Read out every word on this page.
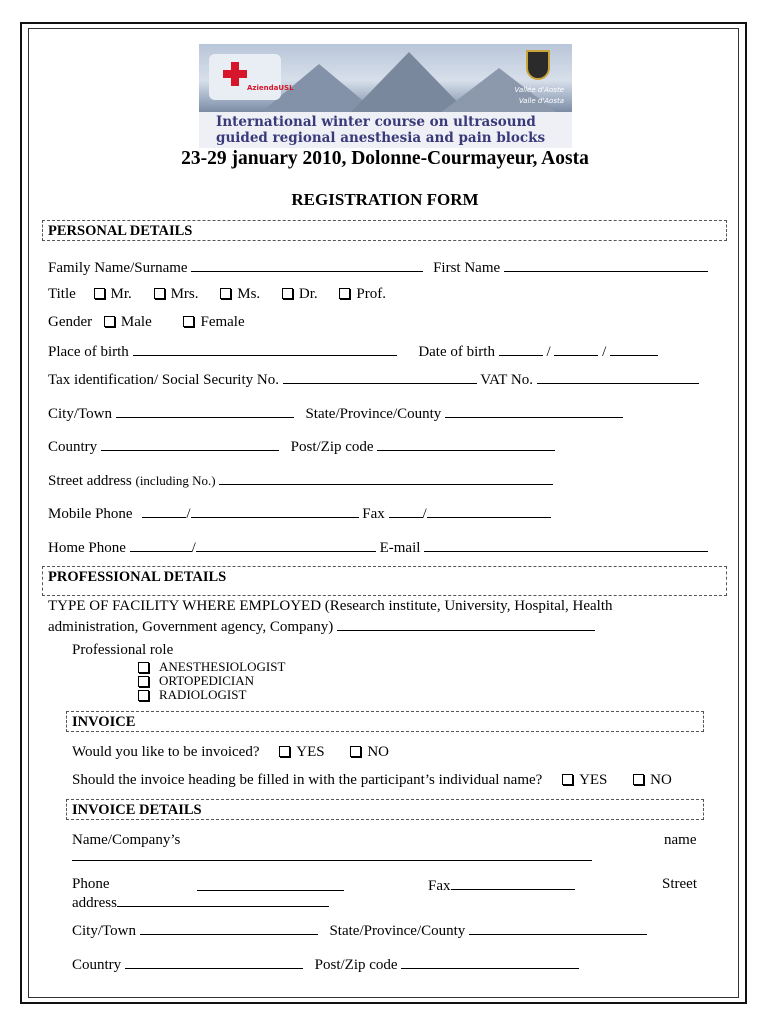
AziendaUSL	Vallée d'Aoste
Valle d'Aosta
International winter course on ultrasound
guided regional anesthesia and pain blocks
23-29 january 2010, Dolonne-Courmayeur, Aosta
REGISTRATION FORM
PERSONAL DETAILS
Family Name/Surname	First Name
Title Mr.	Mrs.	Ms.	Dr.	Prof.
Gender Male	Female
Place of birth	Date of birth	/	/
Tax identification/ Social Security No.	VAT No.
City/Town	State/Province/County
Country	Post/Zip code
Street address (including No.)
Mobile Phone	/	Fax	/
Home Phone	/	E-mail
PROFESSIONAL DETAILS
TYPE OF FACILITY WHERE EMPLOYED (Research institute, University, Hospital, Health
administration, Government agency, Company)
Professional role
ANESTHESIOLOGIST
ORTOPEDICIAN
RADIOLOGIST
INVOICE
Would you like to be invoiced? YES	NO
Should the invoice heading be filled in with the participant’s individual name? YES	NO
INVOICE DETAILS
Name/Company’s	name
Phone	Fax	Street
address
City/Town	State/Province/County
Country	Post/Zip code
